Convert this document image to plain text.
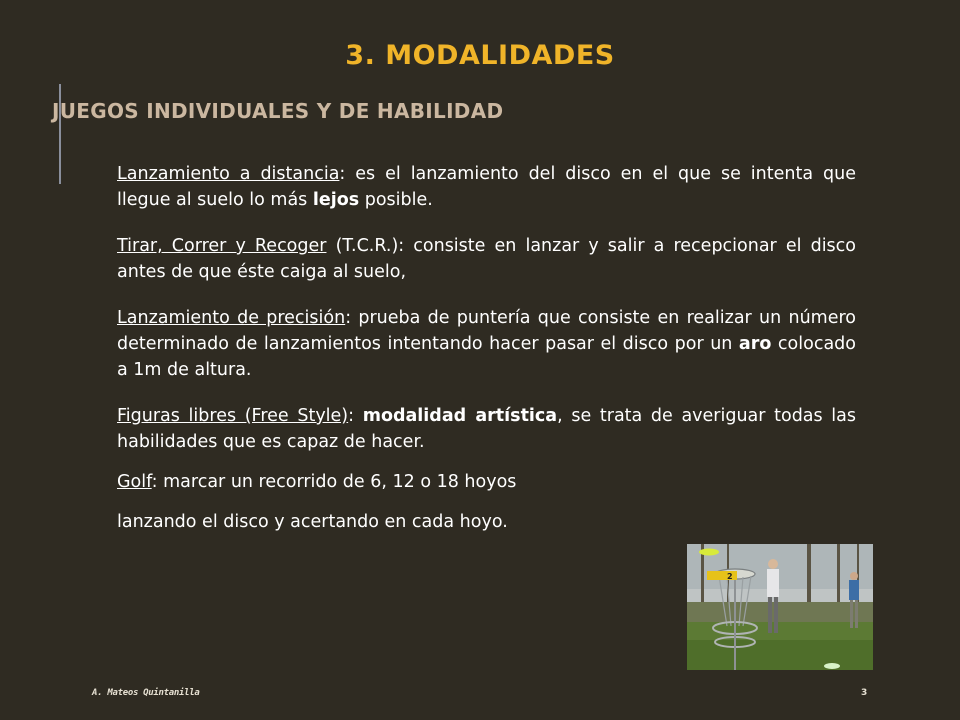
3. MODALIDADES
JUEGOS INDIVIDUALES Y DE HABILIDAD

Lanzamiento a distancia: es el lanzamiento del disco en el que se intenta que llegue al suelo lo más lejos posible.

Tirar, Correr y Recoger (T.C.R.): consiste en lanzar y salir a recepcionar el disco antes de que éste caiga al suelo,

Lanzamiento de precisión: prueba de puntería que consiste en realizar un número determinado de lanzamientos intentando hacer pasar el disco por un aro colocado a 1m de altura.

Figuras libres (Free Style): modalidad artística, se trata de averiguar todas las habilidades que es capaz de hacer.

Golf: marcar un recorrido de 6, 12 o 18 hoyos

lanzando el disco y acertando en cada hoyo.

2
A. Mateos Quintanilla	3
